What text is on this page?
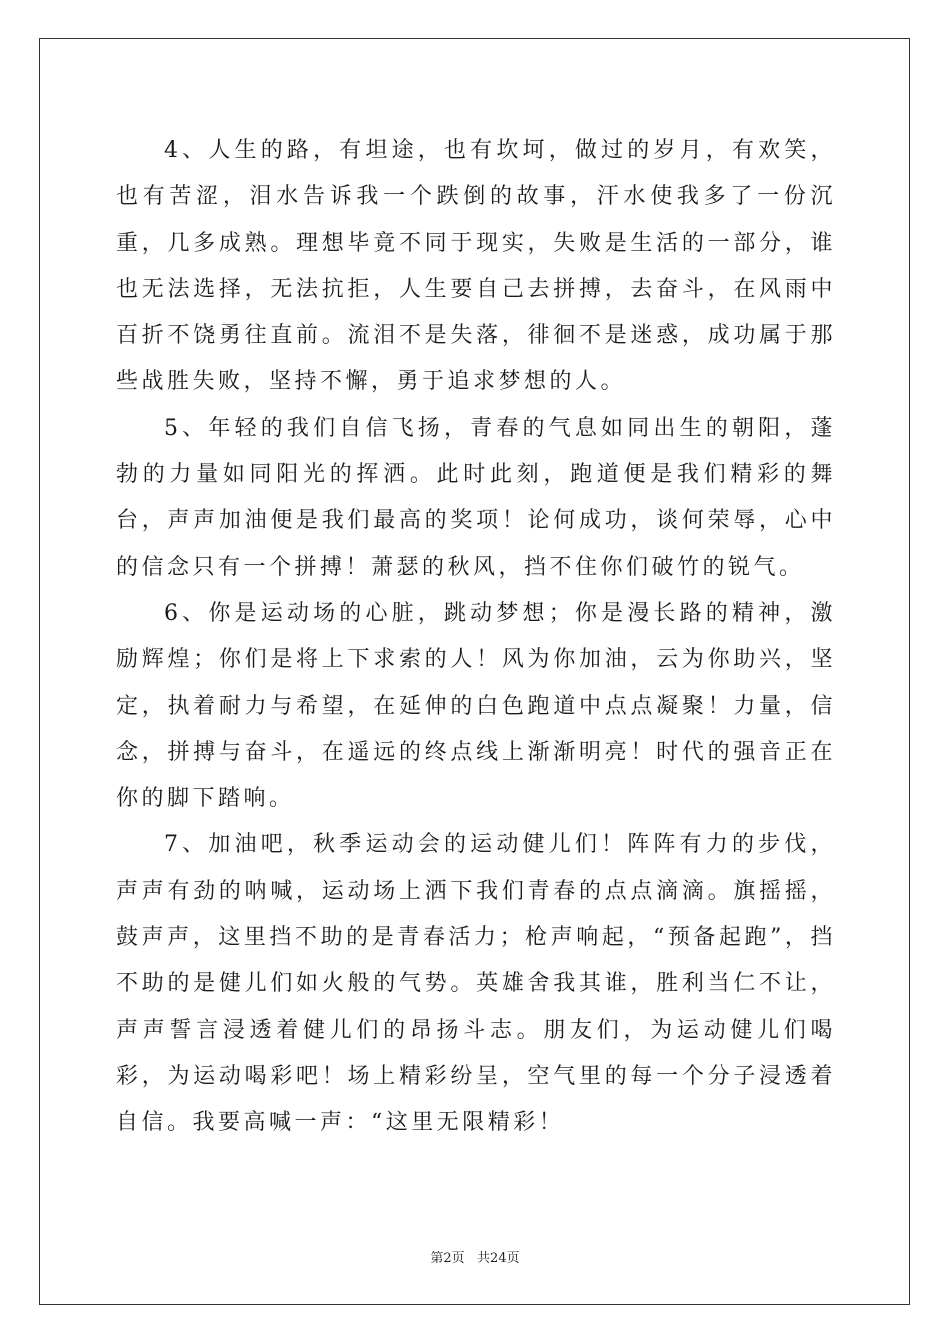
4、人生的路，有坦途，也有坎坷，做过的岁月，有欢笑，也有苦涩，泪水告诉我一个跌倒的故事，汗水使我多了一份沉重，几多成熟。理想毕竟不同于现实，失败是生活的一部分，谁也无法选择，无法抗拒，人生要自己去拼搏，去奋斗，在风雨中百折不饶勇往直前。流泪不是失落，徘徊不是迷惑，成功属于那些战胜失败，坚持不懈，勇于追求梦想的人。

5、年轻的我们自信飞扬，青春的气息如同出生的朝阳，蓬勃的力量如同阳光的挥洒。此时此刻，跑道便是我们精彩的舞台，声声加油便是我们最高的奖项！论何成功，谈何荣辱，心中的信念只有一个拼搏！萧瑟的秋风，挡不住你们破竹的锐气。

6、你是运动场的心脏，跳动梦想；你是漫长路的精神，激励辉煌；你们是将上下求索的人！风为你加油，云为你助兴，坚定，执着耐力与希望，在延伸的白色跑道中点点凝聚！力量，信念，拼搏与奋斗，在遥远的终点线上渐渐明亮！时代的强音正在你的脚下踏响。

7、加油吧，秋季运动会的运动健儿们！阵阵有力的步伐，声声有劲的呐喊，运动场上洒下我们青春的点点滴滴。旗摇摇，鼓声声，这里挡不助的是青春活力；枪声响起，“预备起跑”，挡不助的是健儿们如火般的气势。英雄舍我其谁，胜利当仁不让，声声誓言浸透着健儿们的昂扬斗志。朋友们，为运动健儿们喝彩，为运动喝彩吧！场上精彩纷呈，空气里的每一个分子浸透着自信。我要高喊一声：“这里无限精彩！

第2页   共24页
